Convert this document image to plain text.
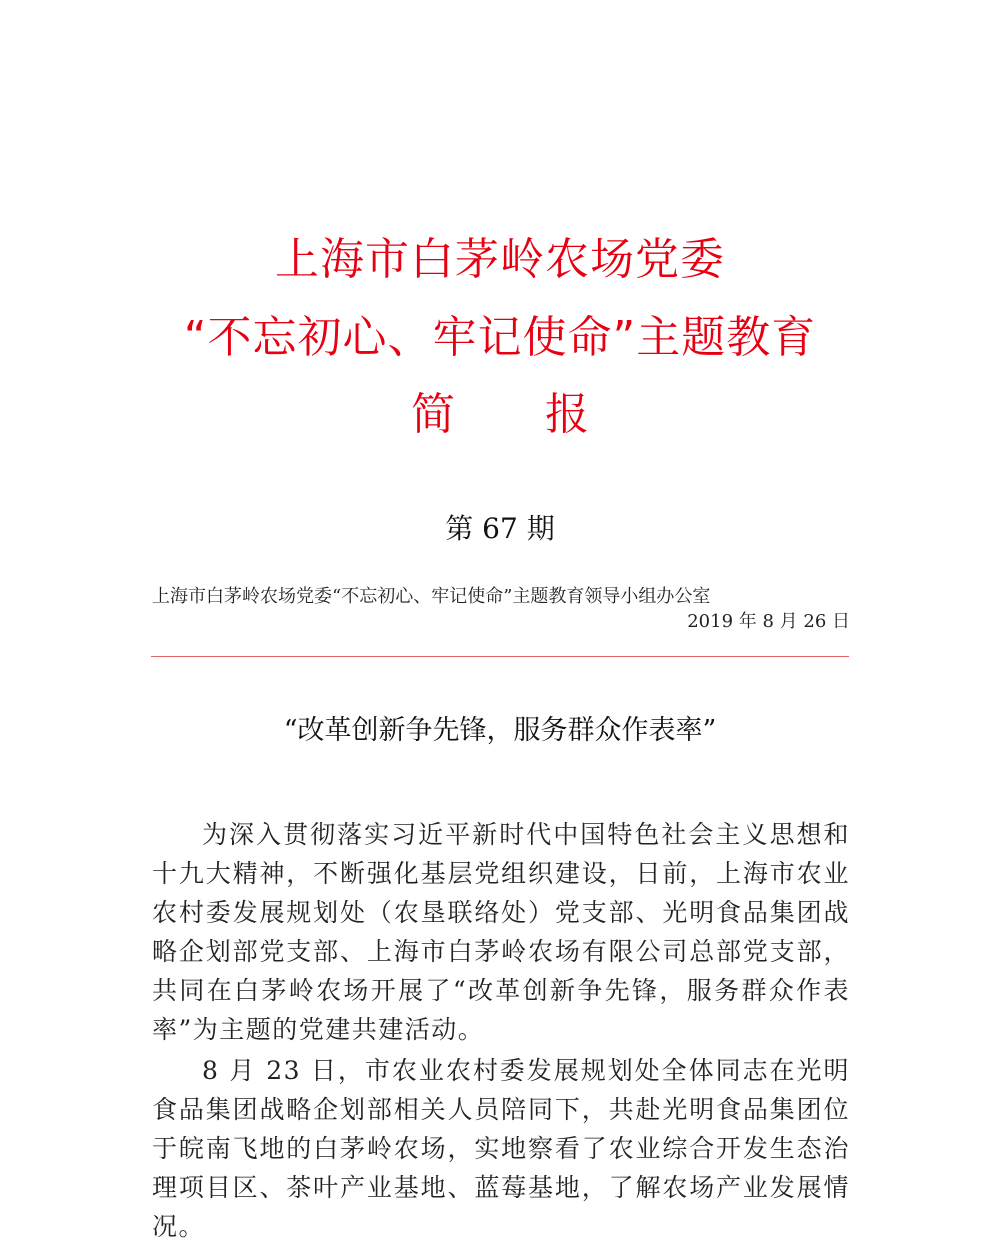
上海市白茅岭农场党委
“不忘初心、牢记使命”主题教育
简 报
第 67 期
上海市白茅岭农场党委“不忘初心、牢记使命”主题教育领导小组办公室
2019 年 8 月 26 日
“改革创新争先锋，服务群众作表率”

为深入贯彻落实习近平新时代中国特色社会主义思想和十九大精神，不断强化基层党组织建设，日前，上海市农业农村委发展规划处（农垦联络处）党支部、光明食品集团战略企划部党支部、上海市白茅岭农场有限公司总部党支部，共同在白茅岭农场开展了“改革创新争先锋，服务群众作表率”为主题的党建共建活动。

8 月 23 日，市农业农村委发展规划处全体同志在光明食品集团战略企划部相关人员陪同下，共赴光明食品集团位于皖南飞地的白茅岭农场，实地察看了农业综合开发生态治理项目区、茶叶产业基地、蓝莓基地，了解农场产业发展情况。
